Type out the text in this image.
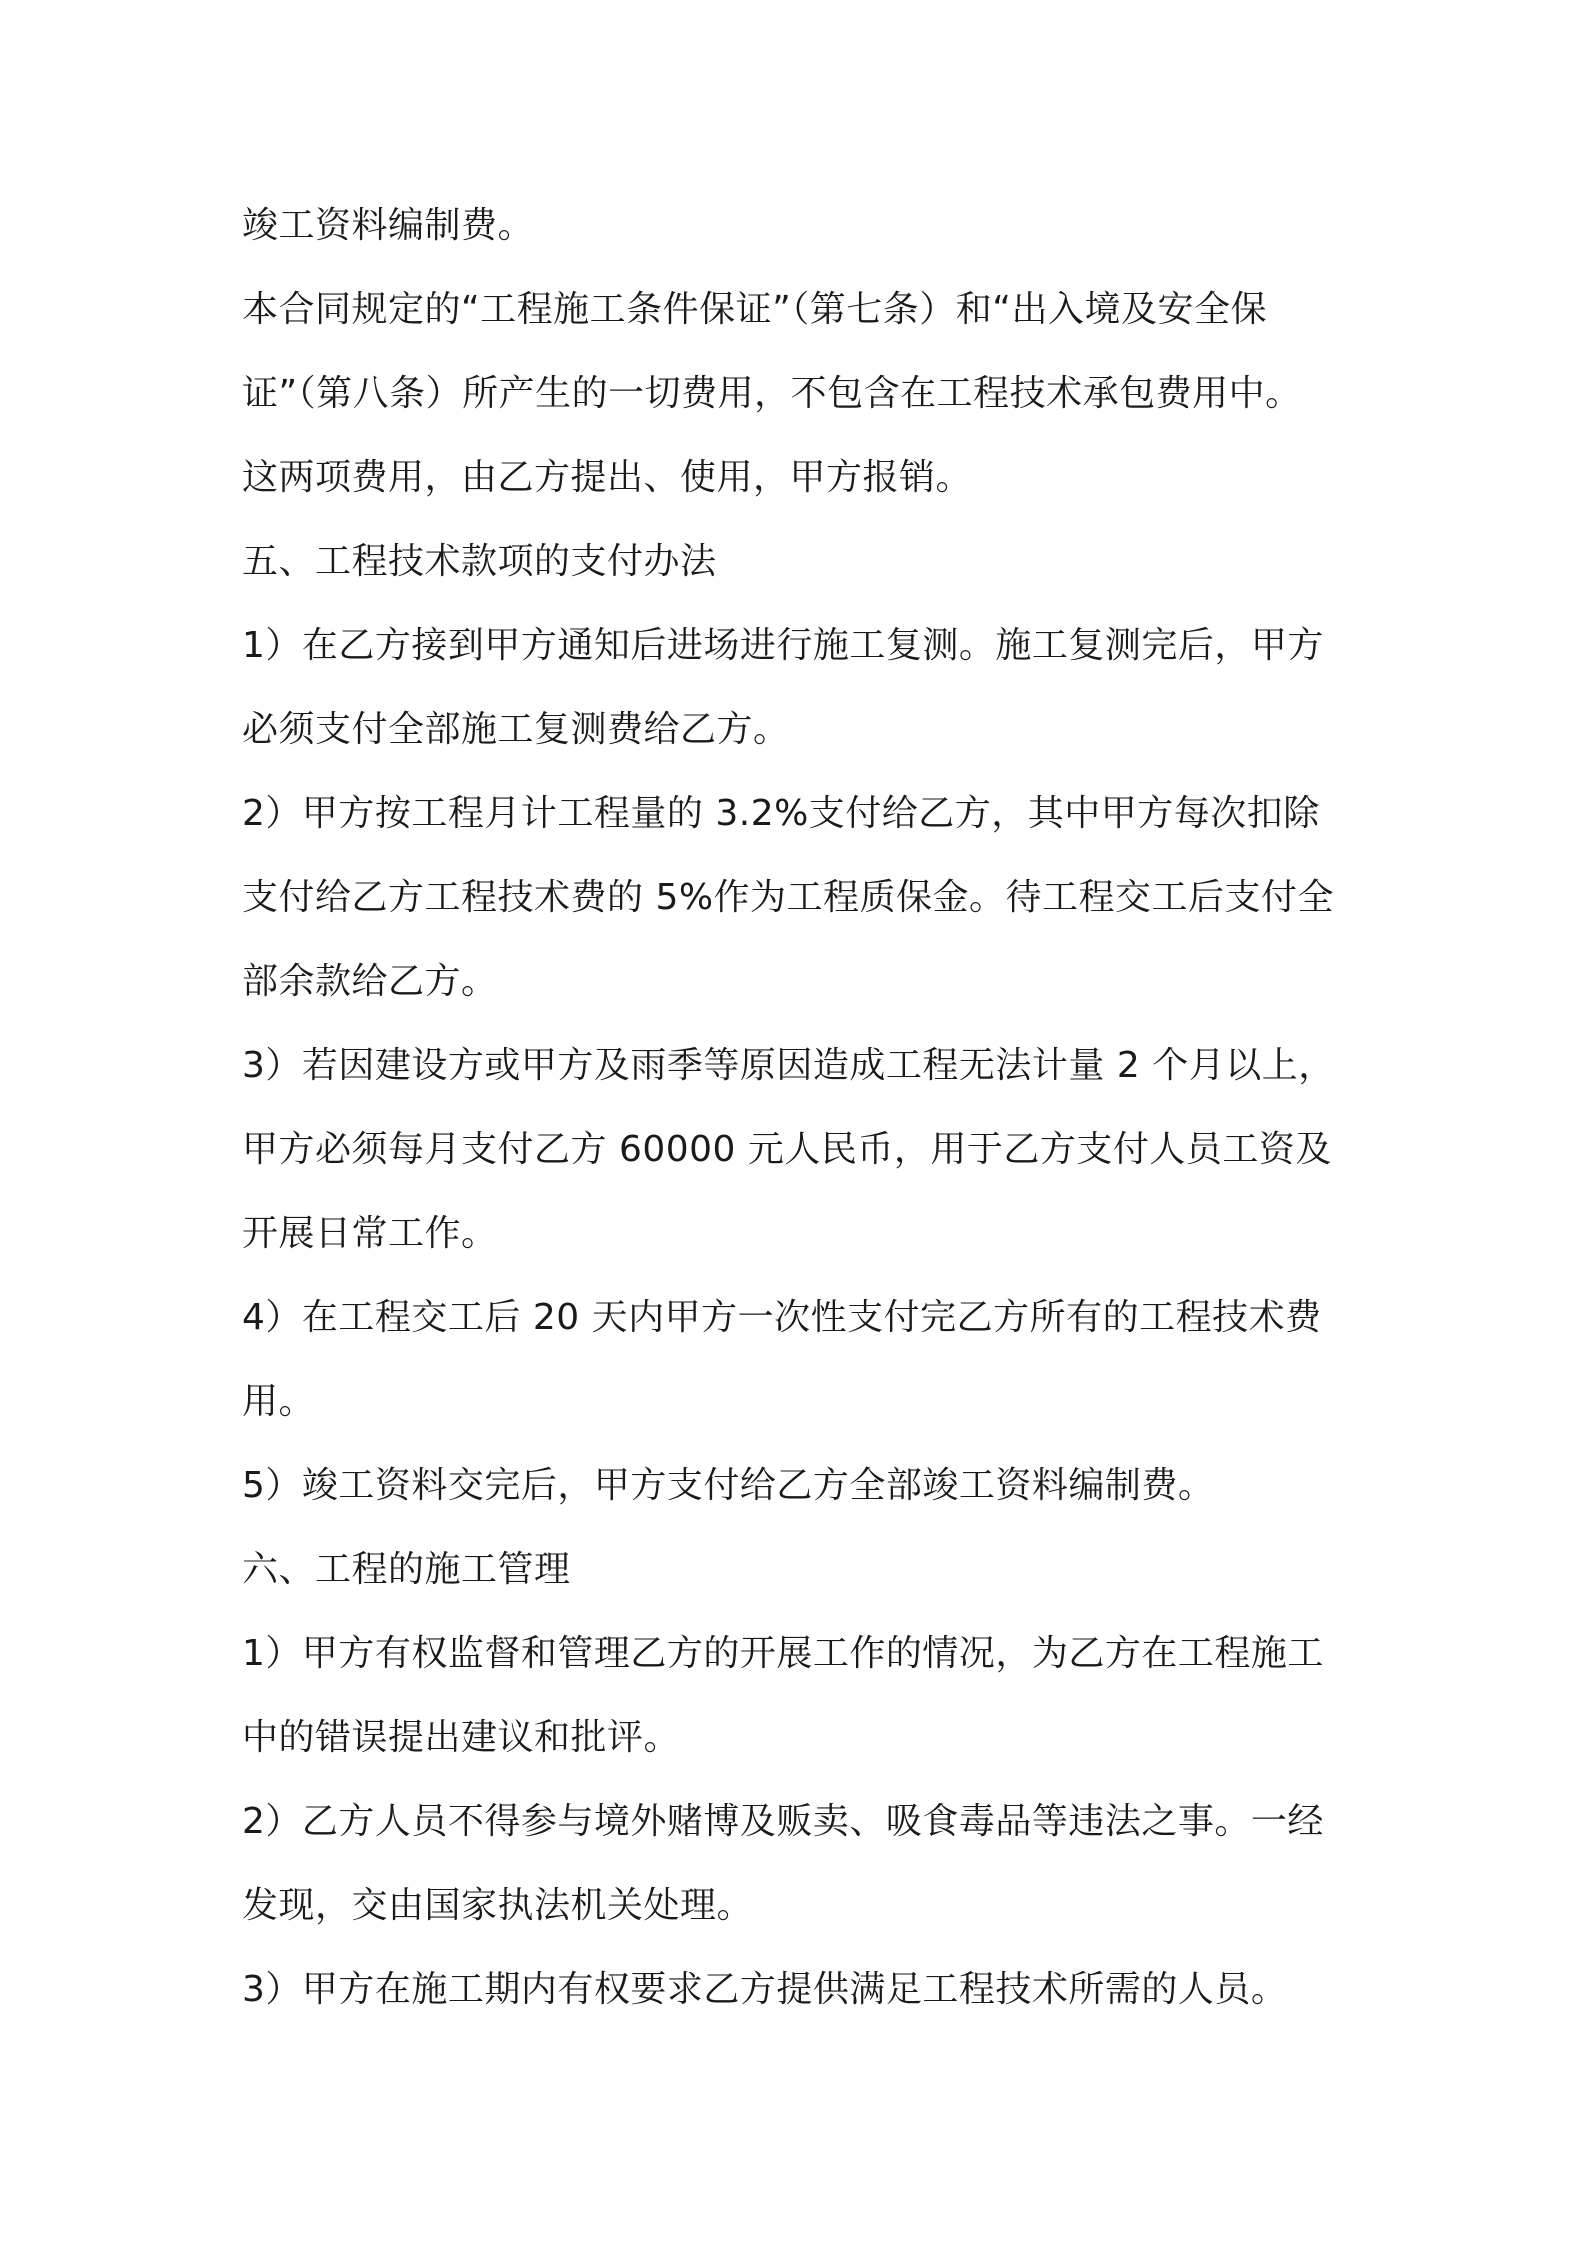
竣工资料编制费。
本合同规定的“工程施工条件保证”（第七条）和“出入境及安全保
证”（第八条）所产生的一切费用，不包含在工程技术承包费用中。
这两项费用，由乙方提出、使用，甲方报销。
五、工程技术款项的支付办法
1）在乙方接到甲方通知后进场进行施工复测。施工复测完后，甲方
必须支付全部施工复测费给乙方。
2）甲方按工程月计工程量的 3.2%支付给乙方，其中甲方每次扣除
支付给乙方工程技术费的 5%作为工程质保金。待工程交工后支付全
部余款给乙方。
3）若因建设方或甲方及雨季等原因造成工程无法计量 2 个月以上，
甲方必须每月支付乙方 60000 元人民币，用于乙方支付人员工资及
开展日常工作。
4）在工程交工后 20 天内甲方一次性支付完乙方所有的工程技术费
用。
5）竣工资料交完后，甲方支付给乙方全部竣工资料编制费。
六、工程的施工管理
1）甲方有权监督和管理乙方的开展工作的情况，为乙方在工程施工
中的错误提出建议和批评。
2）乙方人员不得参与境外赌博及贩卖、吸食毒品等违法之事。一经
发现，交由国家执法机关处理。
3）甲方在施工期内有权要求乙方提供满足工程技术所需的人员。
